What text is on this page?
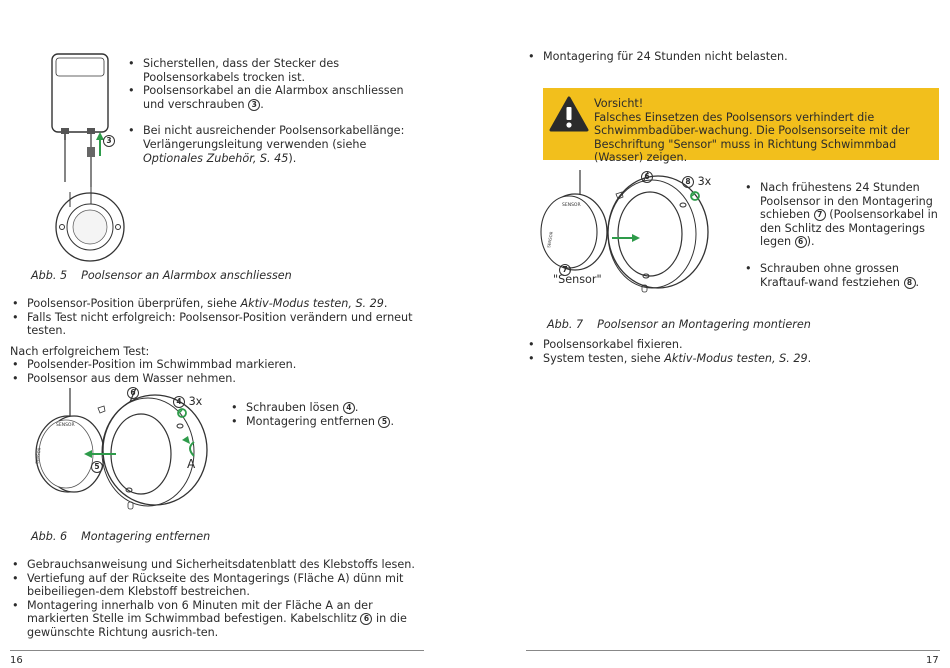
3
• Sicherstellen, dass der Stecker des Poolsensorkabels trocken ist.
• Poolsensorkabel an die Alarmbox anschliessen und verschrauben 3 .
• Bei nicht ausreichender Poolsensorkabellänge: Verlängerungsleitung verwenden (siehe Optionales Zubehör, S. 45).
Abb. 5 Poolsensor an Alarmbox anschliessen
• Poolsensor-Position überprüfen, siehe Aktiv-Modus testen, S. 29.
• Falls Test nicht erfolgreich: Poolsensor-Position verändern und erneut testen.
Nach erfolgreichem Test:
• Poolsender-Position im Schwimmbad markieren.
• Poolsensor aus dem Wasser nehmen.
SENSOR
SENSOR
6
4 3x
5	A
• Schrauben lösen 4 .
• Montagering entfernen 5 .
Abb. 6 Montagering entfernen
• Gebrauchsanweisung und Sicherheitsdatenblatt des Klebstoffs lesen.
• Vertiefung auf der Rückseite des Montagerings (Fläche A) dünn mit beibeiliegen-dem Klebstoff bestreichen.
• Montagering innerhalb von 6 Minuten mit der Fläche A an der markierten Stelle im Schwimmbad befestigen. Kabelschlitz 6 in die gewünschte Richtung ausrich-ten.
16
• Montagering für 24 Stunden nicht belasten.
Vorsicht!
Falsches Einsetzen des Poolsensors verhindert die Schwimmbadüber-wachung. Die Poolsensorseite mit der Beschriftung "Sensor" muss in Richtung Schwimmbad (Wasser) zeigen.
SENSOR
SENSOR
6
8 3x
7
"Sensor"
• Nach frühestens 24 Stunden Poolsensor in den Montagering schieben 7 (Poolsensorkabel in den Schlitz des Montagerings legen 6 ).
• Schrauben ohne grossen Kraftauf-wand festziehen 8 .
Abb. 7 Poolsensor an Montagering montieren
• Poolsensorkabel fixieren.
• System testen, siehe Aktiv-Modus testen, S. 29.
17
